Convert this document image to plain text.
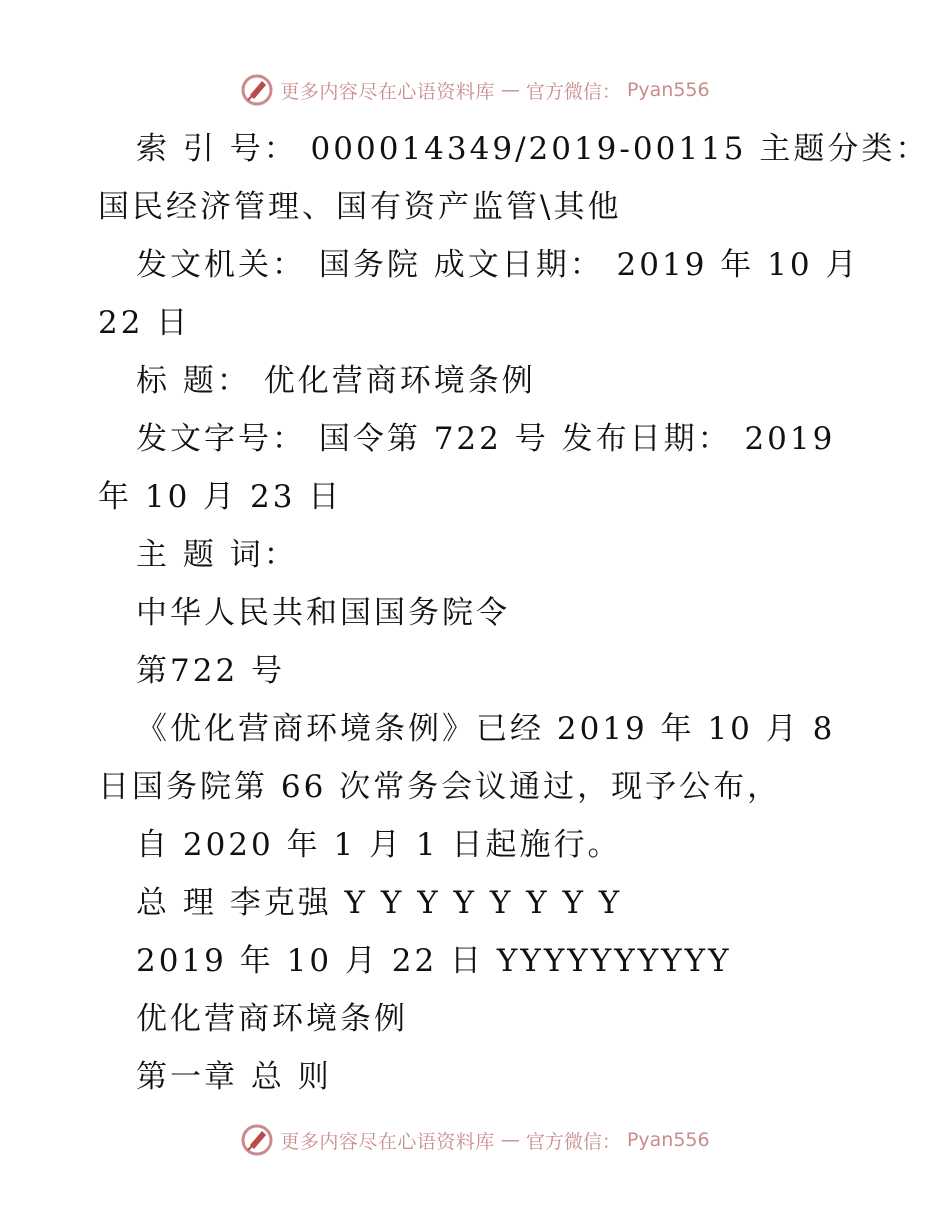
更多内容尽在心语资料库 — 官方微信： Pyan556
索 引 号： 000014349/2019-00115 主题分类：
国民经济管理、国有资产监管\其他
发文机关： 国务院 成文日期： 2019 年 10 月
22 日
标 题： 优化营商环境条例
发文字号： 国令第 722 号 发布日期： 2019
年 10 月 23 日
主 题 词：
中华人民共和国国务院令
第722 号
《优化营商环境条例》已经 2019 年 10 月 8
日国务院第 66 次常务会议通过，现予公布，
自 2020 年 1 月 1 日起施行。
总 理 李克强 Y Y Y Y Y Y Y Y
2019 年 10 月 22 日 YYYYYYYYYY
优化营商环境条例
第一章 总 则
更多内容尽在心语资料库 — 官方微信： Pyan556
